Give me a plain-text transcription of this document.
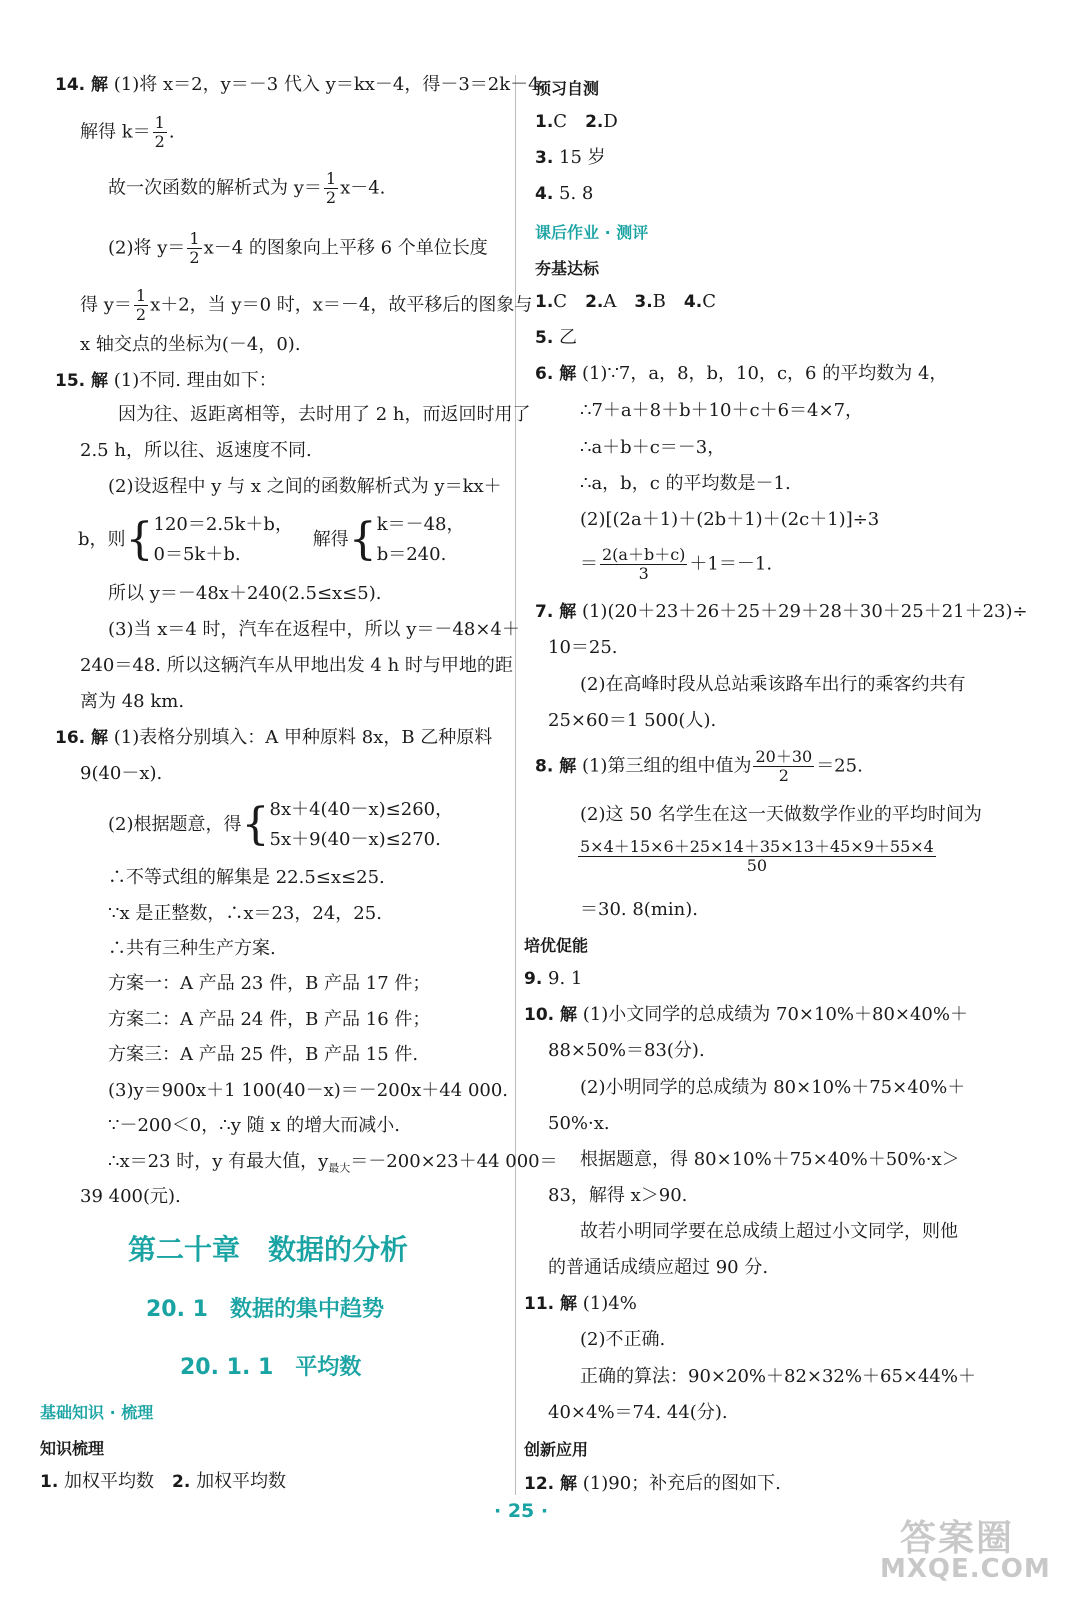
14. 解 (1)将 x＝2，y＝－3 代入 y＝kx－4，得－3＝2k－4，
解得 $k= \frac{1}{2}$ .
故一次函数的解析式为 $y= \frac{1}{2} x-4$.
(2)将 $y= \frac{1}{2} x-4$ 的图象向上平移 6 个单位长度
得 $y= \frac{1}{2} x+2$，当 y＝0 时，x＝－4，故平移后的图象与
x 轴交点的坐标为(－4，0).
15. 解 (1)不同. 理由如下：
因为往、返距离相等，去时用了 2 h，而返回时用了
2.5 h，所以往、返速度不同.
(2)设返程中 y 与 x 之间的函数解析式为 y＝kx＋
b，则{120＝2.5k＋b，
0＝5k＋b. 解得{k＝－48，
b＝240.
所以 y＝－48x＋240(2.5≤x≤5).
(3)当 x＝4 时，汽车在返程中，所以 y＝－48×4＋
240＝48. 所以这辆汽车从甲地出发 4 h 时与甲地的距
离为 48 km.
16. 解 (1)表格分别填入：A 甲种原料 8x，B 乙种原料
9(40－x).
(2)根据题意，得{8x＋4(40－x)≤260，
5x＋9(40－x)≤270.
∴不等式组的解集是 22.5≤x≤25.
∵x 是正整数，∴x＝23，24，25.
∴共有三种生产方案.
方案一：A 产品 23 件，B 产品 17 件；
方案二：A 产品 24 件，B 产品 16 件；
方案三：A 产品 25 件，B 产品 15 件.
(3)y＝900x＋1 100(40－x)＝－200x＋44 000.
∵－200＜0，∴y 随 x 的增大而减小.
∴x＝23 时，y 有最大值，$y_{最大}=-200\times 23+44$ 000＝
39 400(元).
第二十章　数据的分析
20. 1　数据的集中趋势
20. 1. 1　平均数
基础知识 · 梳理
知识梳理
1. 加权平均数　 2. 加权平均数
预习自测
1.C　 2.D
3. 15 岁
4. 5. 8
课后作业 · 测评
夯基达标
1.C　 2.A　 3.B　 4.C
5. 乙
6. 解 (1)∵7，a，8，b，10，c，6 的平均数为 4，
∴7＋a＋8＋b＋10＋c＋6＝4×7，
∴a＋b＋c＝－3，
∴a，b，c 的平均数是－1.
(2)[(2a＋1)＋(2b＋1)＋(2c＋1)]÷3
＝ $\frac{2(a+b+c)}{3} +1=-1$.
7. 解 (1)(20＋23＋26＋25＋29＋28＋30＋25＋21＋23)÷
10＝25.
(2)在高峰时段从总站乘该路车出行的乘客约共有
25×60＝1 500(人).
8. 解 (1)第三组的组中值为 $\frac{20+30}{2} =25$.
(2)这 50 名学生在这一天做数学作业的平均时间为
$\frac{5\times 4+15\times 6+25\times 14+35\times 13+45\times 9+55\times 4}{50}$
＝30. 8(min).
培优促能
9. 9. 1
10. 解 (1)小文同学的总成绩为 70×10%＋80×40%＋
88×50%＝83(分).
(2)小明同学的总成绩为 80×10%＋75×40%＋
50%·x.
根据题意，得 80×10%＋75×40%＋50%·x＞
83，解得 x＞90.
故若小明同学要在总成绩上超过小文同学，则他
的普通话成绩应超过 90 分.
11. 解 (1)4%
(2)不正确.
正确的算法：90×20%＋82×32%＋65×44%＋
40×4%＝74. 44(分).
创新应用
12. 解 (1)90；补充后的图如下.
· 25 ·
答案圈
MXQE.COM
